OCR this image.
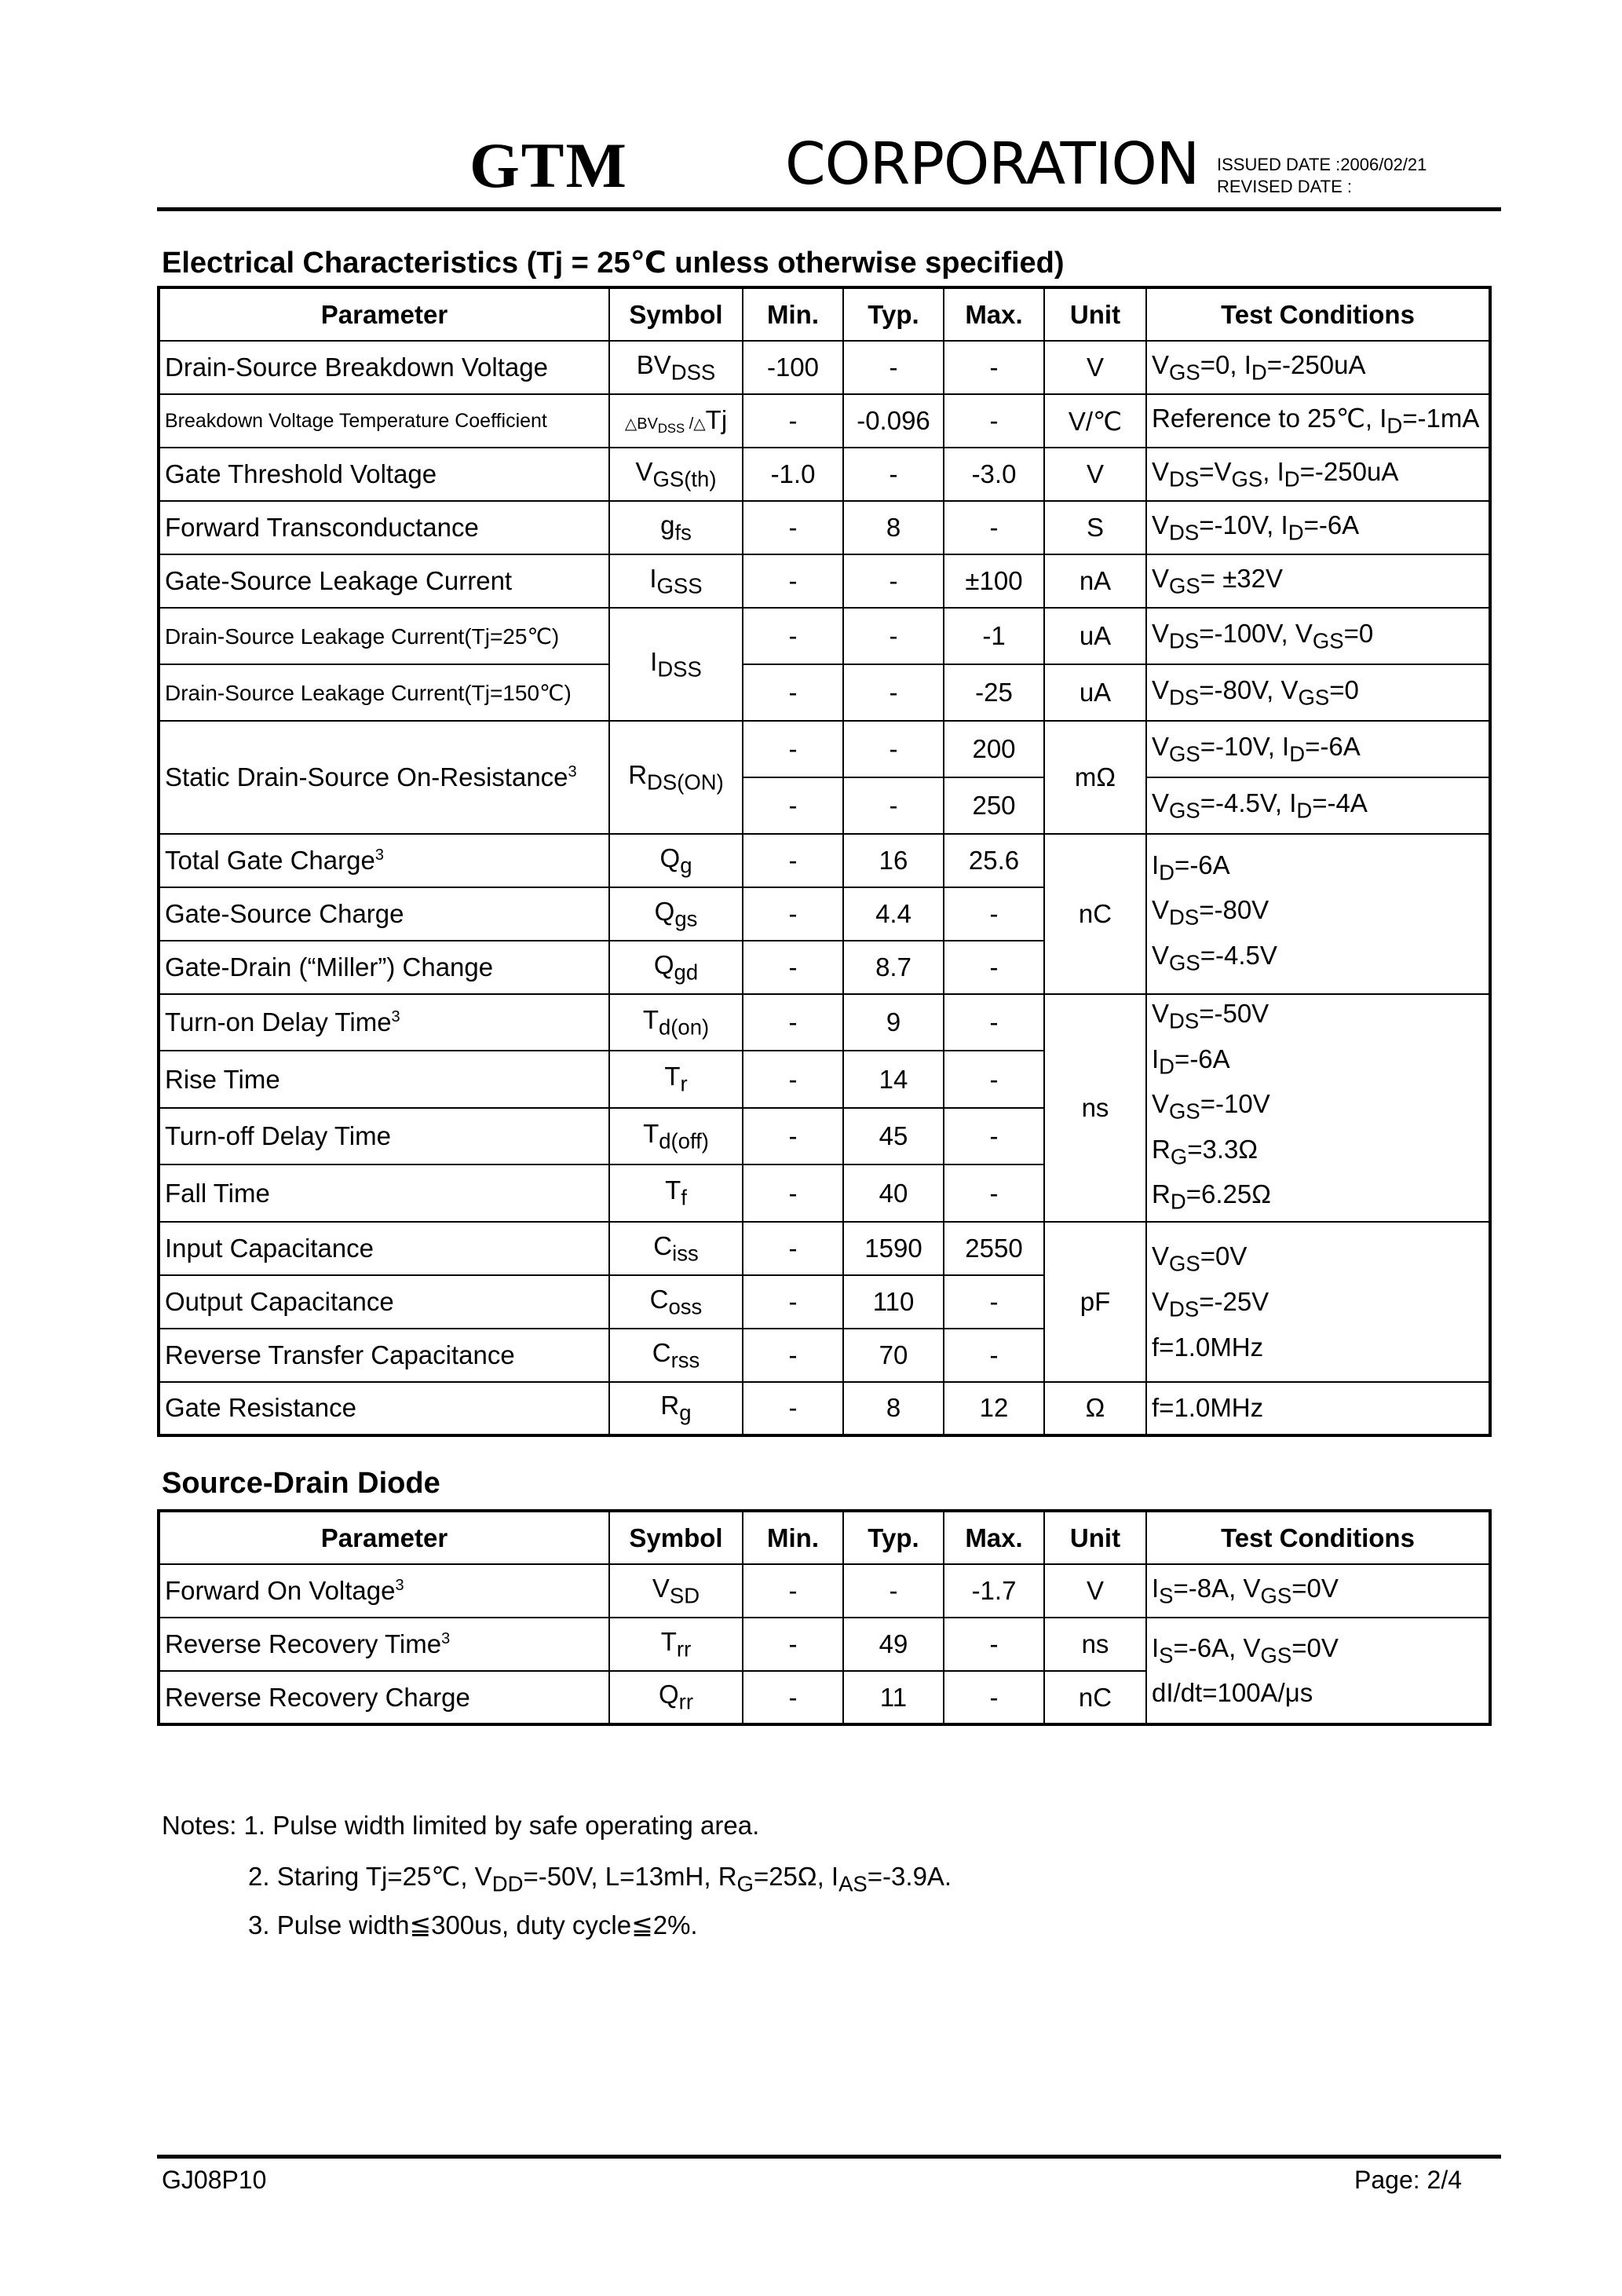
GTM	CORPORATION ISSUED DATE :2006/02/21
REVISED DATE :
Electrical Characteristics (Tj = 25℃ unless otherwise specified)
Parameter	Symbol	Min.	Typ.	Max.	Unit	Test Conditions
Drain-Source Breakdown Voltage	$BV_{DSS}$	-100	-	-	V	$V_{GS}=0$, $I_D=-250uA$
Breakdown Voltage Temperature Coefficient	$\triangle BV_{DSS}$ /△Tj	-	-0.096	-	V/℃	Reference to 25℃, $I_D=-1mA$
Gate Threshold Voltage	$V_{GS(th)}$	-1.0	-	-3.0	V	$V_{DS}=V_{GS}$, $I_D=-250uA$
Forward Transconductance	$g_{fs}$	-	8	-	S	$V_{DS}=-10V$, $I_D=-6A$
Gate-Source Leakage Current	$I_{GSS}$	-	-	±100	nA	$V_{GS}= \pm 32V$
Drain-Source Leakage Current(Tj=25℃)	$I_{DSS}$	-	-	-1	uA	$V_{DS}=-100V$, $V_{GS}=0$
Drain-Source Leakage Current(Tj=150℃)		-	-	-25	uA	$V_{DS}=-80V$, $V_{GS}=0$
Static Drain-Source On-Resistance$^3$	$R_{DS(ON)}$	-	-	200	mΩ	$V_{GS}=-10V$, $I_D=-6A$
		-	-	250		$V_{GS}=-4.5V$, $I_D=-4A$
Total Gate Charge$^3$	$Q_g$	-	16	25.6	nC	$I_D=-6A$
$V_{DS}=-80V$
$V_{GS}=-4.5V$

Gate-Source Charge	$Q_{gs}$	-	4.4	-		
Gate-Drain (“Miller”) Change	$Q_{gd}$	-	8.7	-		
Turn-on Delay Time$^3$	$T_{d(on)}$	-	9	-	ns	$V_{DS}=-50V$
$I_D=-6A$
$V_{GS}=-10V$
$R_G=3.3\Omega$
$R_D=6.25\Omega$

Rise Time	$T_r$	-	14	-		
Turn-off Delay Time	$T_{d(off)}$	-	45	-		
Fall Time	$T_f$	-	40	-		
Input Capacitance	$C_{iss}$	-	1590	2550	pF	$V_{GS}=0V$
$V_{DS}=-25V$
f=1.0MHz

Output Capacitance	$C_{oss}$	-	110	-		
Reverse Transfer Capacitance	$C_{rss}$	-	70	-		
Gate Resistance	$R_g$	-	8	12	Ω	f=1.0MHz
Source-Drain Diode
Parameter	Symbol	Min.	Typ.	Max.	Unit	Test Conditions
Forward On Voltage$^3$	$V_{SD}$	-	-	-1.7	V	$I_S=-8A$, $V_{GS}=0V$
Reverse Recovery Time$^3$	$T_{rr}$	-	49	-	ns	$I_S=-6A$, $V_{GS}=0V$
dI/dt=100A/μs

Reverse Recovery Charge	$Q_{rr}$	-	11	-	nC	
Notes: 1. Pulse width limited by safe operating area.
2. Staring Tj=25℃, $V_{DD}=-50V$, L=13mH, $R_G=25\Omega$, $I_{AS}=-3.9A$.
3. Pulse width≦300us, duty cycle≦2%.
GJ08P10	Page: 2/4
